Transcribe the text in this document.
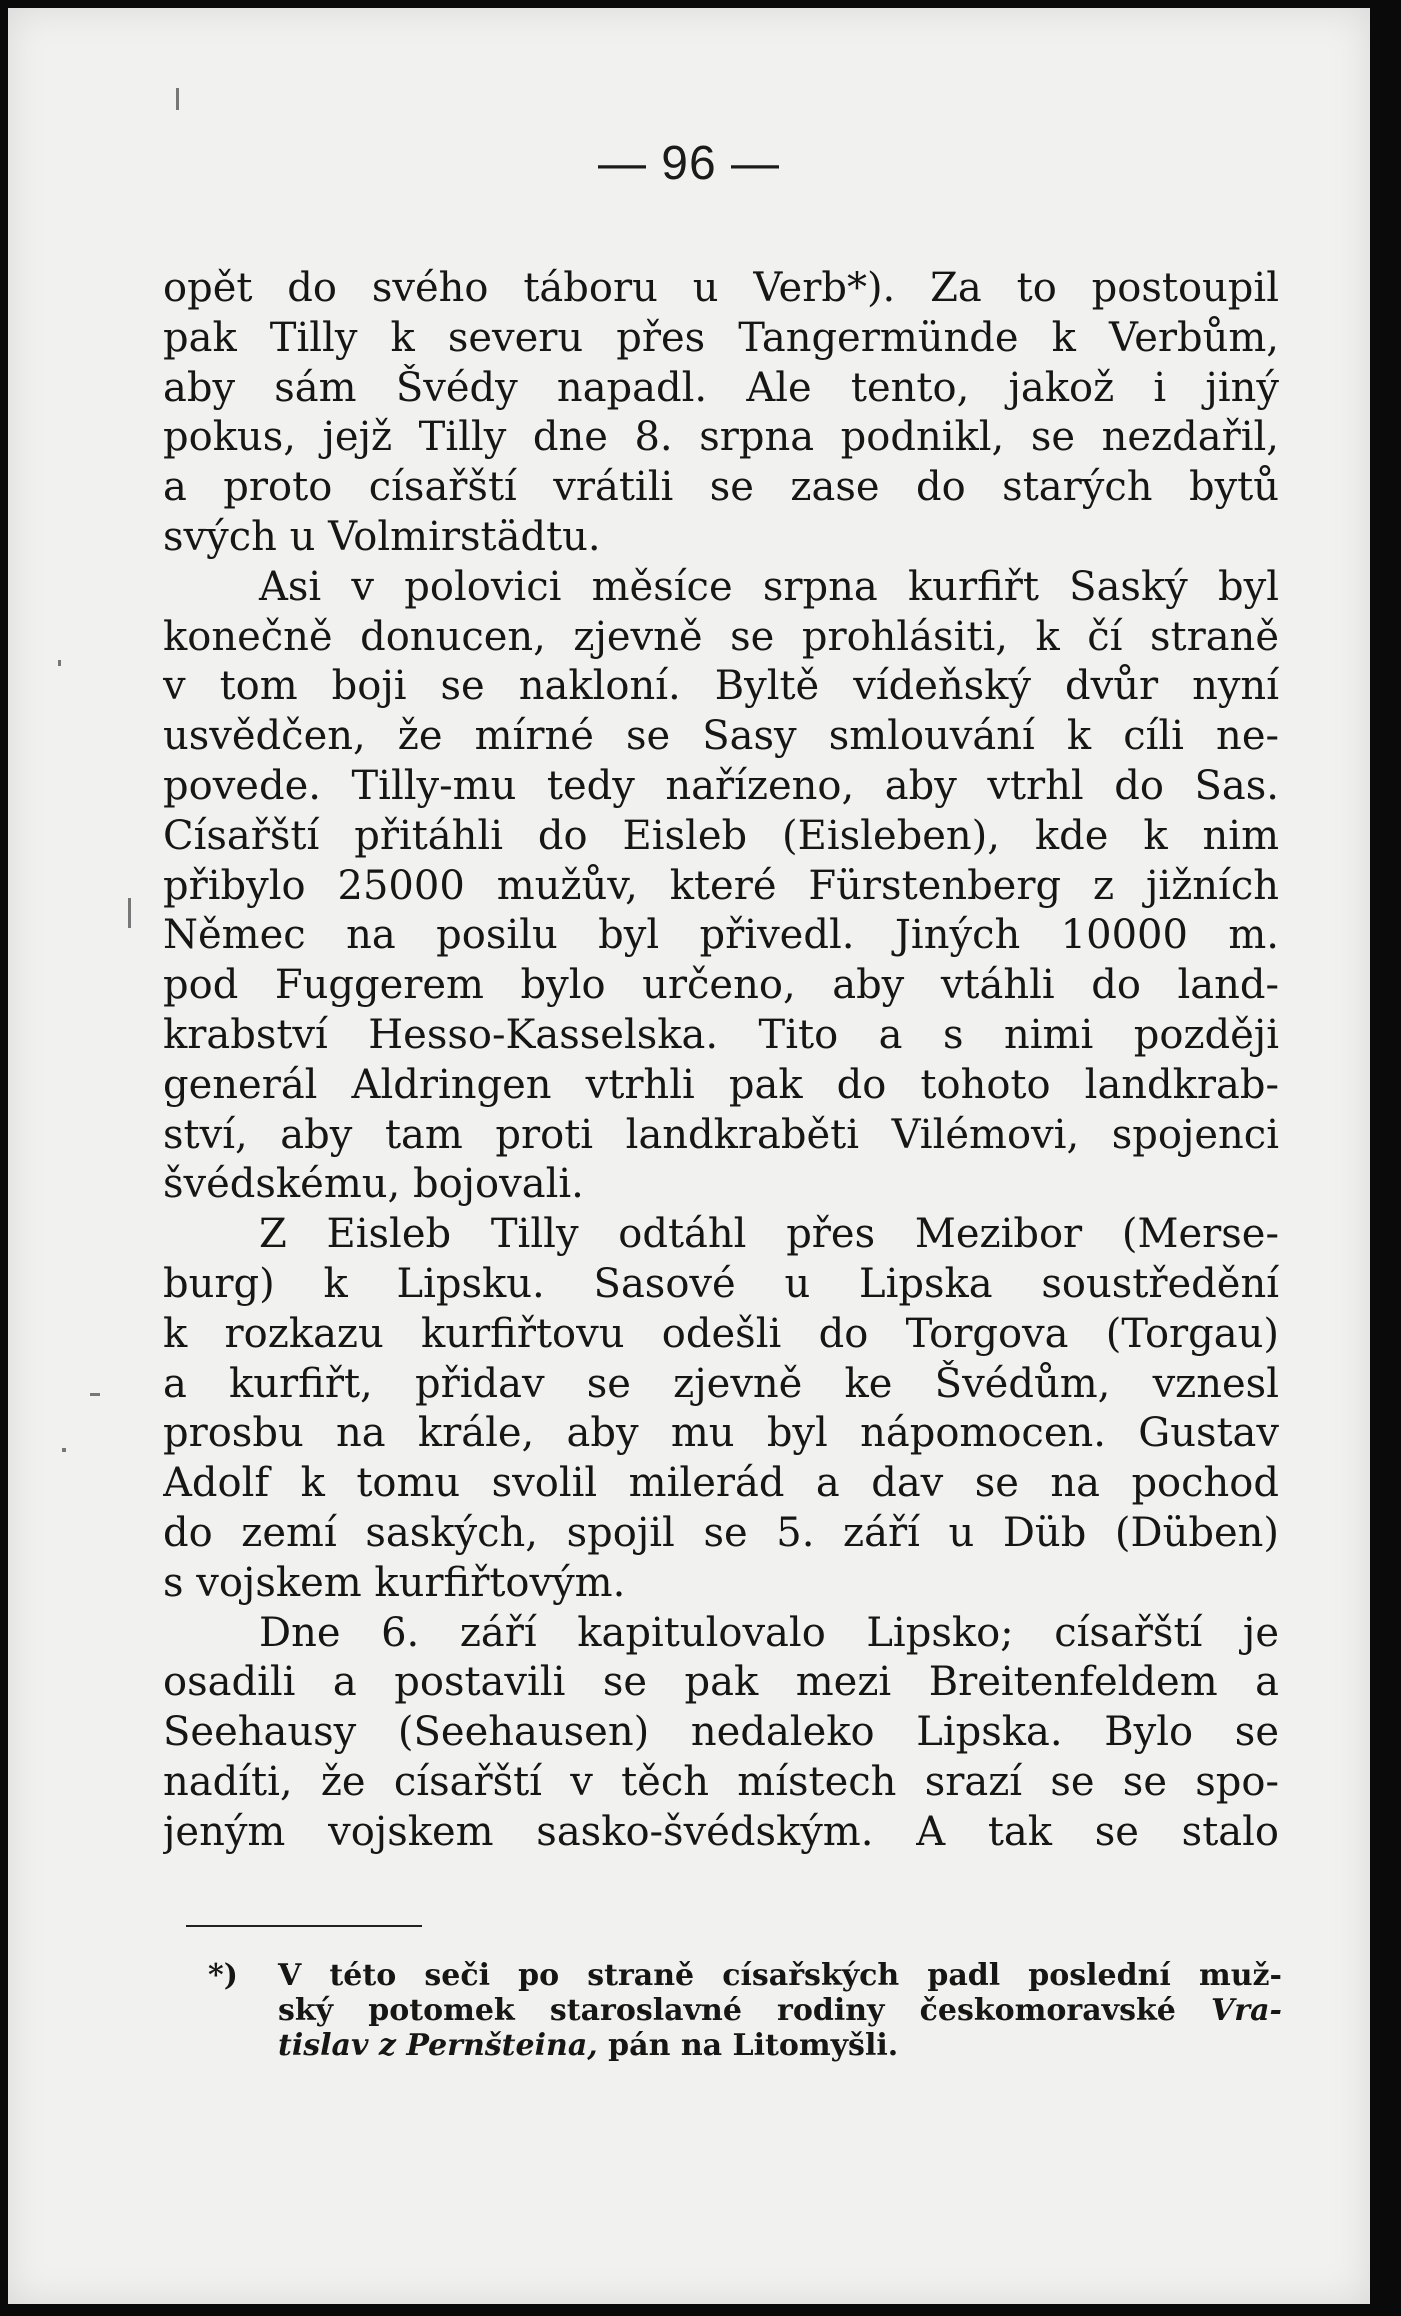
— 96 —
opět do svého táboru u Verb*). Za to postoupil
pak Tilly k severu přes Tangermünde k Verbům,
aby sám Švédy napadl. Ale tento, jakož i jiný
pokus, jejž Tilly dne 8. srpna podnikl, se nezdařil,
a proto císařští vrátili se zase do starých bytů
svých u Volmirstädtu.
Asi v polovici měsíce srpna kurfiřt Saský byl
konečně donucen, zjevně se prohlásiti, k čí straně
v tom boji se nakloní. Byltě vídeňský dvůr nyní
usvědčen, že mírné se Sasy smlouvání k cíli ne-
povede. Tilly-mu tedy nařízeno, aby vtrhl do Sas.
Císařští přitáhli do Eisleb (Eisleben), kde k nim
přibylo 25000 mužův, které Fürstenberg z jižních
Němec na posilu byl přivedl. Jiných 10000 m.
pod Fuggerem bylo určeno, aby vtáhli do land-
krabství Hesso-Kasselska. Tito a s nimi později
generál Aldringen vtrhli pak do tohoto landkrab-
ství, aby tam proti landkraběti Vilémovi, spojenci
švédskému, bojovali.
Z Eisleb Tilly odtáhl přes Mezibor (Merse-
burg) k Lipsku. Sasové u Lipska soustředění
k rozkazu kurfiřtovu odešli do Torgova (Torgau)
a kurfiřt, přidav se zjevně ke Švédům, vznesl
prosbu na krále, aby mu byl nápomocen. Gustav
Adolf k tomu svolil milerád a dav se na pochod
do zemí saských, spojil se 5. září u Düb (Düben)
s vojskem kurfiřtovým.
Dne 6. září kapitulovalo Lipsko; císařští je
osadili a postavili se pak mezi Breitenfeldem a
Seehausy (Seehausen) nedaleko Lipska. Bylo se
nadíti, že císařští v těch místech srazí se se spo-
jeným vojskem sasko-švédským. A tak se stalo
*) V této seči po straně císařských padl poslední muž-
ský potomek staroslavné rodiny českomoravské Vra-
tislav z Pernšteina, pán na Litomyšli.
